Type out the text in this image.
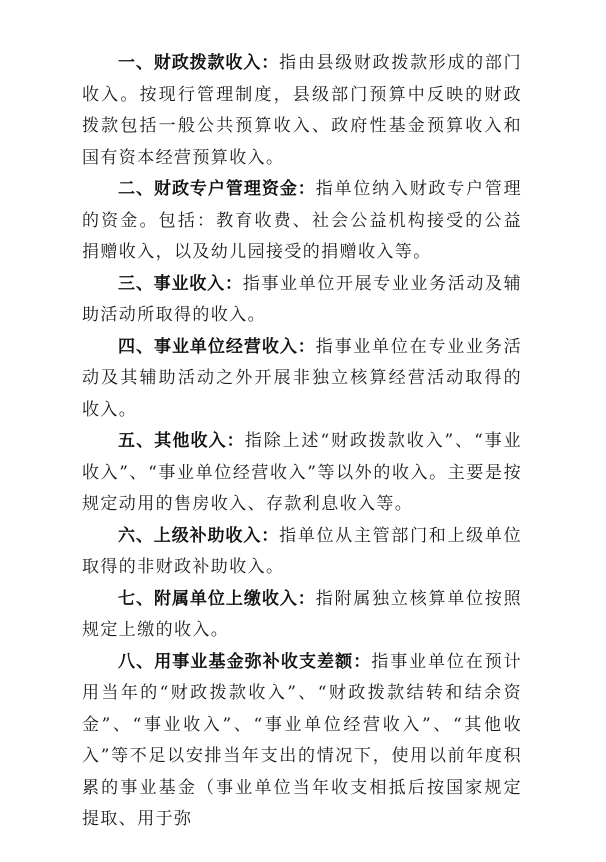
一、财政拨款收入：指由县级财政拨款形成的部门收入。按现行管理制度，县级部门预算中反映的财政拨款包括一般公共预算收入、政府性基金预算收入和国有资本经营预算收入。

二、财政专户管理资金：指单位纳入财政专户管理的资金。包括：教育收费、社会公益机构接受的公益捐赠收入，以及幼儿园接受的捐赠收入等。

三、事业收入：指事业单位开展专业业务活动及辅助活动所取得的收入。

四、事业单位经营收入：指事业单位在专业业务活动及其辅助活动之外开展非独立核算经营活动取得的收入。

五、其他收入：指除上述“财政拨款收入”、“事业收入”、“事业单位经营收入”等以外的收入。主要是按规定动用的售房收入、存款利息收入等。

六、上级补助收入：指单位从主管部门和上级单位取得的非财政补助收入。

七、附属单位上缴收入：指附属独立核算单位按照规定上缴的收入。

八、用事业基金弥补收支差额：指事业单位在预计用当年的“财政拨款收入”、“财政拨款结转和结余资金”、“事业收入”、“事业单位经营收入”、“其他收入”等不足以安排当年支出的情况下，使用以前年度积累的事业基金（事业单位当年收支相抵后按国家规定提取、用于弥
